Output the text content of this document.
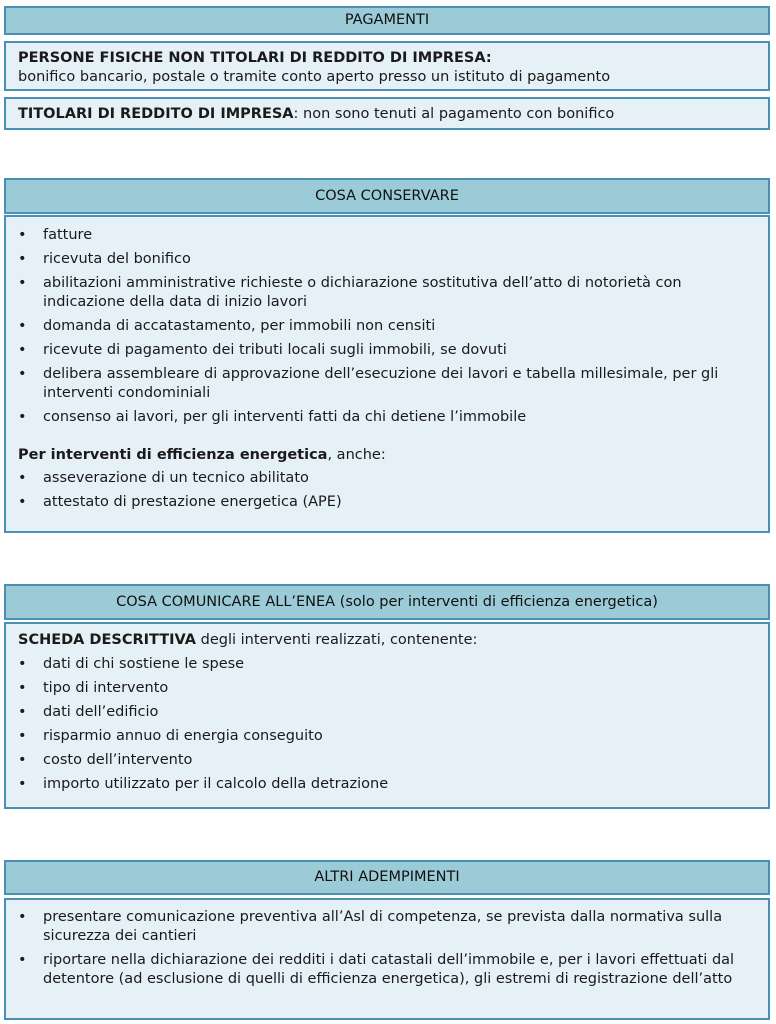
PAGAMENTI
PERSONE FISICHE NON TITOLARI DI REDDITO DI IMPRESA:
bonifico bancario, postale o tramite conto aperto presso un istituto di pagamento
TITOLARI DI REDDITO DI IMPRESA: non sono tenuti al pagamento con bonifico
COSA CONSERVARE
• fatture
• ricevuta del bonifico
• abilitazioni amministrative richieste o dichiarazione sostitutiva dell’atto di notorietà con indicazione della data di inizio lavori
• domanda di accatastamento, per immobili non censiti
• ricevute di pagamento dei tributi locali sugli immobili, se dovuti
• delibera assembleare di approvazione dell’esecuzione dei lavori e tabella millesimale, per gli interventi condominiali
• consenso ai lavori, per gli interventi fatti da chi detiene l’immobile
Per interventi di efficienza energetica, anche:
• asseverazione di un tecnico abilitato
• attestato di prestazione energetica (APE)
COSA COMUNICARE ALL’ENEA (solo per interventi di efficienza energetica)
SCHEDA DESCRITTIVA degli interventi realizzati, contenente:
• dati di chi sostiene le spese
• tipo di intervento
• dati dell’edificio
• risparmio annuo di energia conseguito
• costo dell’intervento
• importo utilizzato per il calcolo della detrazione
ALTRI ADEMPIMENTI
• presentare comunicazione preventiva all’Asl di competenza, se prevista dalla normativa sulla sicurezza dei cantieri
• riportare nella dichiarazione dei redditi i dati catastali dell’immobile e, per i lavori effettuati dal detentore (ad esclusione di quelli di efficienza energetica), gli estremi di registrazione dell’atto
